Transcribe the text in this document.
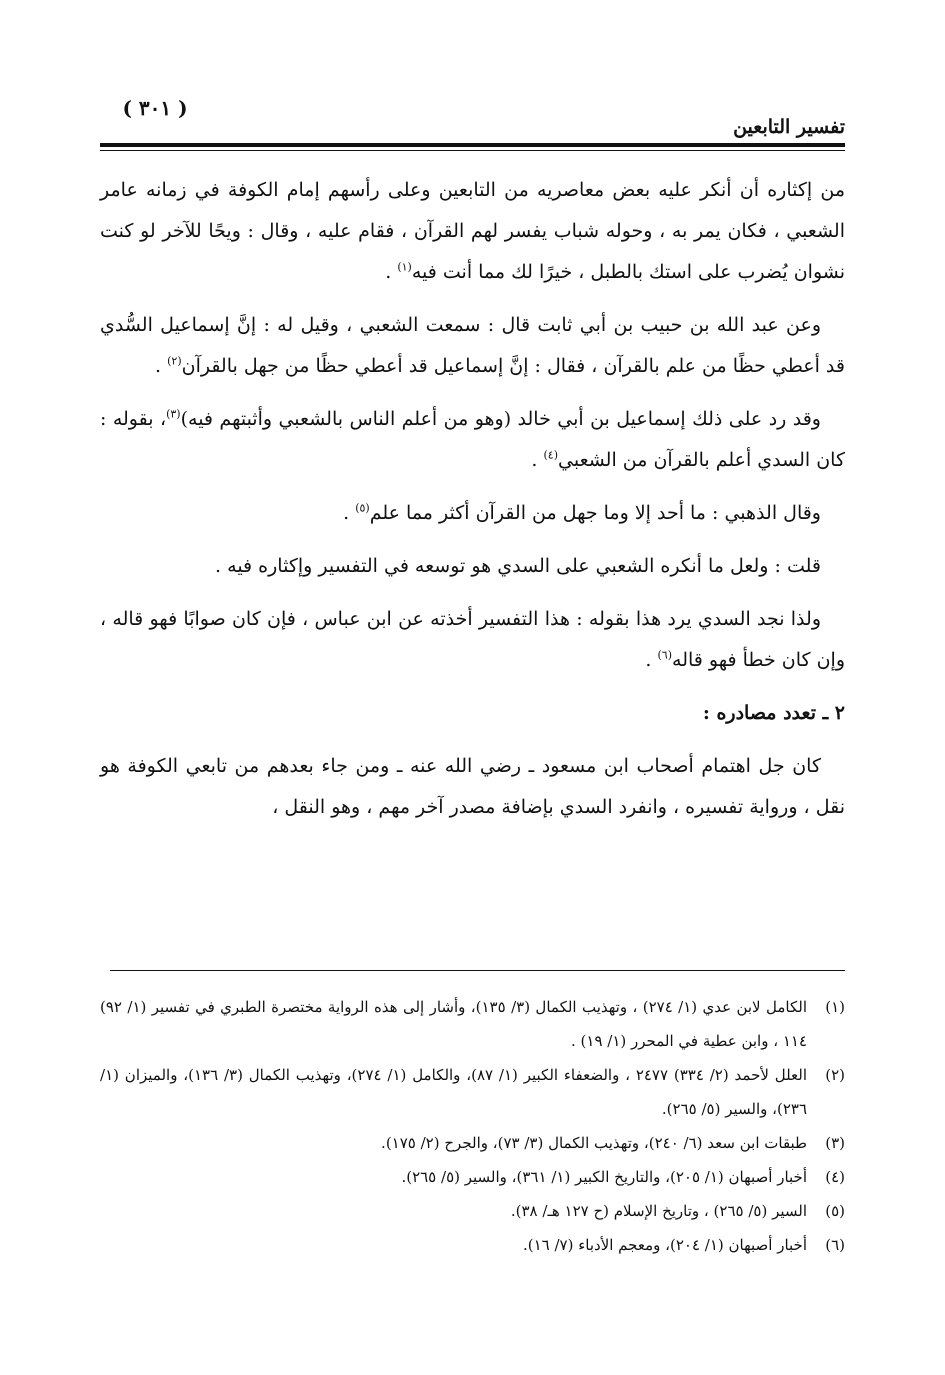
( ٣٠١ )
تفسير التابعين

من إكثاره أن أنكر عليه بعض معاصريه من التابعين وعلى رأسهم إمام الكوفة في زمانه عامر الشعبي ، فكان يمر به ، وحوله شباب يفسر لهم القرآن ، فقام عليه ، وقال : ويحًا للآخر لو كنت نشوان يُضرب على استك بالطبل ، خيرًا لك مما أنت فيه$^{(١)}$ .

وعن عبد الله بن حبيب بن أبي ثابت قال : سمعت الشعبي ، وقيل له : إنَّ إسماعيل السُّدي قد أعطي حظًا من علم بالقرآن ، فقال : إنَّ إسماعيل قد أعطي حظًا من جهل بالقرآن$^{(٢)}$ .

وقد رد على ذلك إسماعيل بن أبي خالد (وهو من أعلم الناس بالشعبي وأثبتهم فيه)$^{(٣)}$، بقوله : كان السدي أعلم بالقرآن من الشعبي$^{(٤)}$ .

وقال الذهبي : ما أحد إلا وما جهل من القرآن أكثر مما علم$^{(٥)}$ .

قلت : ولعل ما أنكره الشعبي على السدي هو توسعه في التفسير وإكثاره فيه .

ولذا نجد السدي يرد هذا بقوله : هذا التفسير أخذته عن ابن عباس ، فإن كان صوابًا فهو قاله ، وإن كان خطأ فهو قاله$^{(٦)}$ .

٢ ـ تعدد مصادره :

كان جل اهتمام أصحاب ابن مسعود ـ رضي الله عنه ـ ومن جاء بعدهم من تابعي الكوفة هو نقل ، ورواية تفسيره ، وانفرد السدي بإضافة مصدر آخر مهم ، وهو النقل ،

(١)
الكامل لابن عدي (١/ ٢٧٤) ، وتهذيب الكمال (٣/ ١٣٥)، وأشار إلى هذه الرواية مختصرة الطبري في تفسير (١/ ٩٢) ١١٤ ، وابن عطية في المحرر (١/ ١٩) .
(٢)
العلل لأحمد (٢/ ٣٣٤) ٢٤٧٧ ، والضعفاء الكبير (١/ ٨٧)، والكامل (١/ ٢٧٤)، وتهذيب الكمال (٣/ ١٣٦)، والميزان (١/ ٢٣٦)، والسير (٥/ ٢٦٥).
(٣)
طبقات ابن سعد (٦/ ٢٤٠)، وتهذيب الكمال (٣/ ٧٣)، والجرح (٢/ ١٧٥).
(٤)
أخبار أصبهان (١/ ٢٠٥)، والتاريخ الكبير (١/ ٣٦١)، والسير (٥/ ٢٦٥).
(٥)
السير (٥/ ٢٦٥) ، وتاريخ الإسلام (ح ١٢٧ هـ/ ٣٨).
(٦)
أخبار أصبهان (١/ ٢٠٤)، ومعجم الأدباء (٧/ ١٦).
